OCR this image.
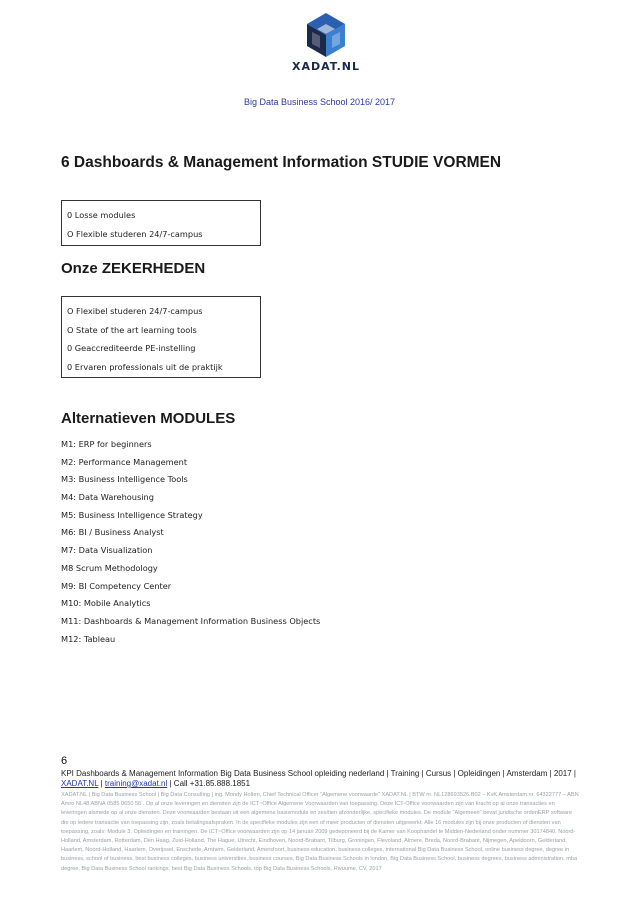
XADAT.NL
Big Data Business School 2016/ 2017
6 Dashboards & Management Information STUDIE VORMEN
0 Losse modules
O Flexible studeren 24/7-campus
Onze ZEKERHEDEN
O Flexibel studeren 24/7-campus
O State of the art learning tools
0 Geaccrediteerde PE-instelling
0 Ervaren professionals uit de praktijk
Alternatieven MODULES
M1: ERP for beginners
M2: Performance Management
M3: Business Intelligence Tools
M4: Data Warehousing
M5: Business Intelligence Strategy
M6: BI / Business Analyst
M7: Data Visualization
M8 Scrum Methodology
M9: BI Competency Center
M10: Mobile Analytics
M11: Dashboards & Management Information Business Objects
M12: Tableau
6
KPI Dashboards & Management Information Big Data Business School opleiding nederland | Training | Cursus | Opleidingen | Amsterdam | 2017 |
XADAT.NL | training@xadat.nl | Call +31.85.888.1851
XADAT.NL | Big Data Business School | Big Data Consulting | ing. Mondy Holten, Chief Technical Officer "Algemene voorwaarde" XADAT.NL | BTW nr. NL128693526.B02 – KvK Amsterdam nr. 64322777 – ABN Amro NL48 ABNA 0585 0650 56 . Op al onze leveringen en diensten zijn de ICT~Office Algemene Voorwaarden van toepassing. Deze ICT-Office voorwaarden zijn van kracht op al onze transacties en leveringen alsmede op al onze diensten. Deze voorwaarden bestaan uit een algemene basismodule en zes/tien afzonderlijke, specifieke modules. De module "Algemeen" bevat juridische ordenERP software die op iedere transactie van toepassing zijn, zoals betalingsafspraken. In de specifieke modules zijn een of meer producten of diensten uitgewerkt. Alle 16 modules zijn bij onze producten of diensten van toepassing, zoals: Module 3. Opleidingen en trainingen. De ICT~Office voorwaarden zijn op 14 januari 2009 gedeponeerd bij de Kamer van Koophandel te Midden-Nederland onder nummer 30174840. Noord-Holland, Amsterdam, Rotterdam, Den Haag, Zuid-Holland, The Hague, Utrecht, Eindhoven, Noord-Brabant, Tilburg, Groningen, Flevoland, Almere, Breda, Noord-Brabant, Nijmegen, Apeldoorn, Gelderland, Haarlem, Noord-Holland, Haarlem, Overijssel, Enschede, Arnhem, Gelderland, Amersfoort, business education, business colleges, international Big Data Business School, online business degree, degree in business, school of business, best business colleges, business universities, business courses, Big Data Business Schools in london, Big Data Business School, business degrees, business administration, mba degree, Big Data Business School rankings, best Big Data Business Schools, top Big Data Business Schools, Rwuume, CV, 2017
